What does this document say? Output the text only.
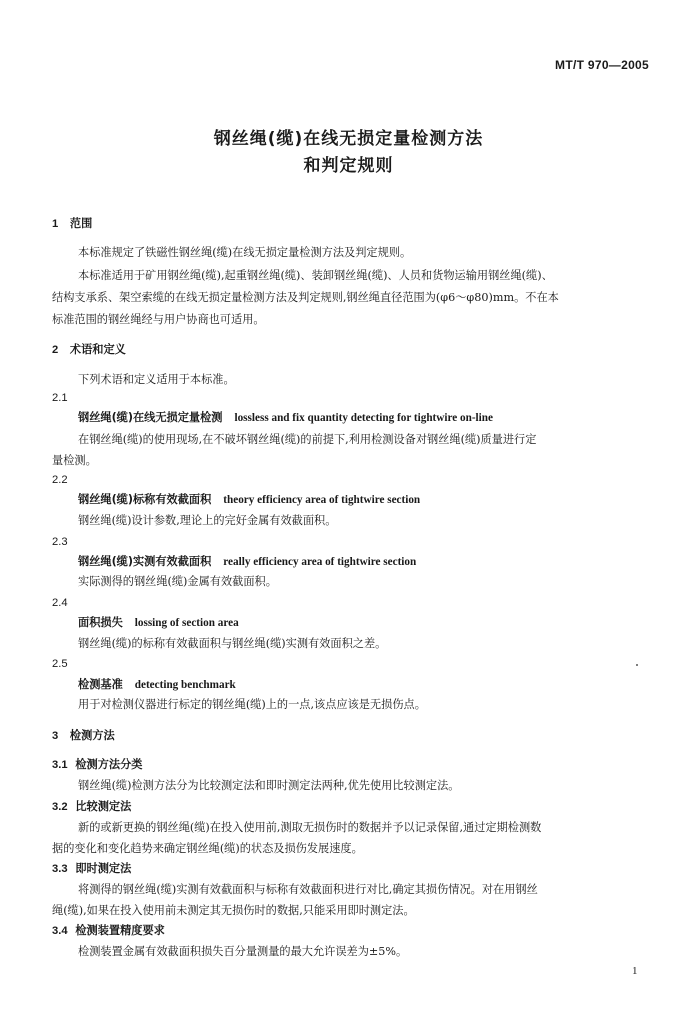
MT/T 970—2005
钢丝绳(缆)在线无损定量检测方法
和判定规则
1 范围
本标准规定了铁磁性钢丝绳(缆)在线无损定量检测方法及判定规则。
本标准适用于矿用钢丝绳(缆),起重钢丝绳(缆)、装卸钢丝绳(缆)、人员和货物运输用钢丝绳(缆)、
结构支承系、架空索缆的在线无损定量检测方法及判定规则,钢丝绳直径范围为(φ6～φ80)mm。不在本
标准范围的钢丝绳经与用户协商也可适用。
2 术语和定义
下列术语和定义适用于本标准。
2.1
钢丝绳(缆)在线无损定量检测 lossless and fix quantity detecting for tightwire on-line
在钢丝绳(缆)的使用现场,在不破坏钢丝绳(缆)的前提下,利用检测设备对钢丝绳(缆)质量进行定
量检测。
2.2
钢丝绳(缆)标称有效截面积 theory efficiency area of tightwire section
钢丝绳(缆)设计参数,理论上的完好金属有效截面积。
2.3
钢丝绳(缆)实测有效截面积 really efficiency area of tightwire section
实际测得的钢丝绳(缆)金属有效截面积。
2.4
面积损失 lossing of section area
钢丝绳(缆)的标称有效截面积与钢丝绳(缆)实测有效面积之差。
2.5
检测基准 detecting benchmark
用于对检测仪器进行标定的钢丝绳(缆)上的一点,该点应该是无损伤点。
3 检测方法
3.1 检测方法分类
钢丝绳(缆)检测方法分为比较测定法和即时测定法两种,优先使用比较测定法。
3.2 比较测定法
新的或新更换的钢丝绳(缆)在投入使用前,测取无损伤时的数据并予以记录保留,通过定期检测数
据的变化和变化趋势来确定钢丝绳(缆)的状态及损伤发展速度。
3.3 即时测定法
将测得的钢丝绳(缆)实测有效截面积与标称有效截面积进行对比,确定其损伤情况。对在用钢丝
绳(缆),如果在投入使用前未测定其无损伤时的数据,只能采用即时测定法。
3.4 检测装置精度要求
检测装置金属有效截面积损失百分量测量的最大允许误差为±5%。
1
